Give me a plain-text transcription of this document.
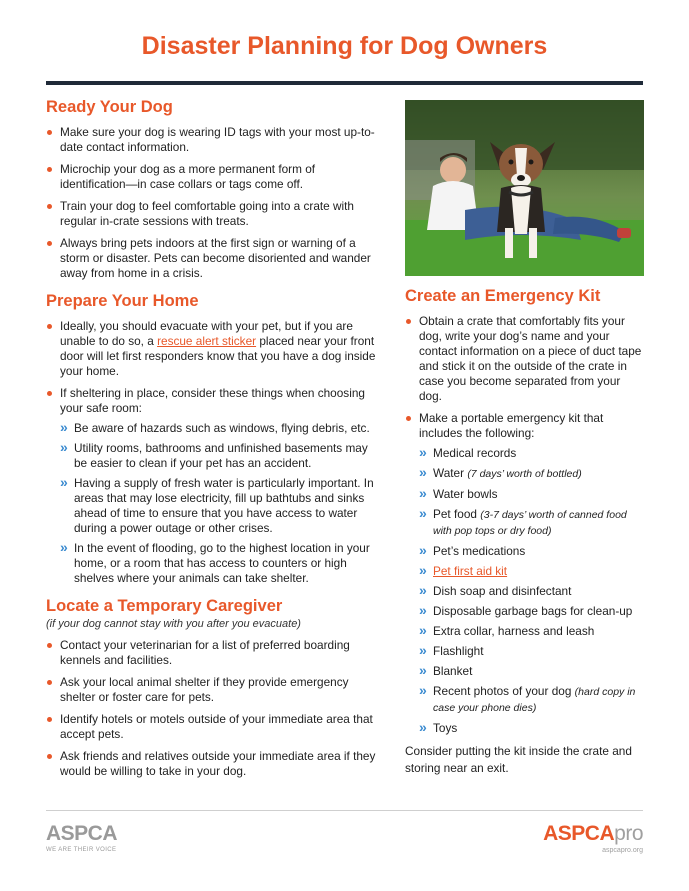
Disaster Planning for Dog Owners
Ready Your Dog
Make sure your dog is wearing ID tags with your most up-to-date contact information.
Microchip your dog as a more permanent form of identification—in case collars or tags come off.
Train your dog to feel comfortable going into a crate with regular in-crate sessions with treats.
Always bring pets indoors at the first sign or warning of a storm or disaster. Pets can become disoriented and wander away from home in a crisis.
Prepare Your Home
Ideally, you should evacuate with your pet, but if you are unable to do so, a rescue alert sticker placed near your front door will let first responders know that you have a dog inside your home.
If sheltering in place, consider these things when choosing your safe room:
» Be aware of hazards such as windows, flying debris, etc.
» Utility rooms, bathrooms and unfinished basements may be easier to clean if your pet has an accident.
» Having a supply of fresh water is particularly important. In areas that may lose electricity, fill up bathtubs and sinks ahead of time to ensure that you have access to water during a power outage or other crises.
» In the event of flooding, go to the highest location in your home, or a room that has access to counters or high shelves where your animals can take shelter.
Locate a Temporary Caregiver
(if your dog cannot stay with you after you evacuate)
Contact your veterinarian for a list of preferred boarding kennels and facilities.
Ask your local animal shelter if they provide emergency shelter or foster care for pets.
Identify hotels or motels outside of your immediate area that accept pets.
Ask friends and relatives outside your immediate area if they would be willing to take in your dog.
Create an Emergency Kit
Obtain a crate that comfortably fits your dog, write your dog’s name and your contact information on a piece of duct tape and stick it on the outside of the crate in case you become separated from your dog.
Make a portable emergency kit that includes the following:
» Medical records
» Water (7 days’ worth of bottled)
» Water bowls
» Pet food (3-7 days’ worth of canned food with pop tops or dry food)
» Pet’s medications
» Pet first aid kit
» Dish soap and disinfectant
» Disposable garbage bags for clean-up
» Extra collar, harness and leash
» Flashlight
» Blanket
» Recent photos of your dog (hard copy in case your phone dies)
» Toys
Consider putting the kit inside the crate and storing near an exit.
ASPCA
WE ARE THEIR VOICE
ASPCApro
aspcapro.org
